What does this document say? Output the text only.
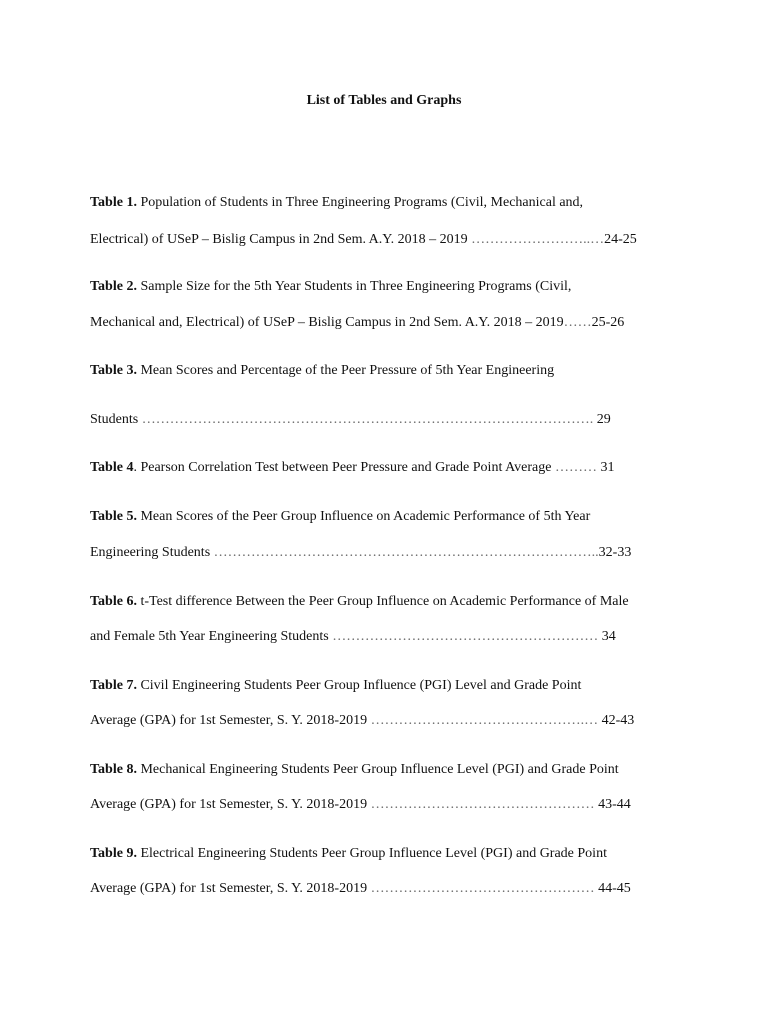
List of Tables and Graphs
Table 1. Population of Students in Three Engineering Programs (Civil, Mechanical and,
Electrical) of USeP – Bislig Campus in 2nd Sem. A.Y. 2018 – 2019 ……………………..…24-25
Table 2. Sample Size for the 5th Year Students in Three Engineering Programs (Civil,
Mechanical and, Electrical) of USeP – Bislig Campus in 2nd Sem. A.Y. 2018 – 2019……25-26
Table 3. Mean Scores and Percentage of the Peer Pressure of 5th Year Engineering
Students ……………………………………………………………………………………. 29
Table 4. Pearson Correlation Test between Peer Pressure and Grade Point Average ……… 31
Table 5. Mean Scores of the Peer Group Influence on Academic Performance of 5th Year
Engineering Students ………………………………………………………………………..32-33
Table 6. t-Test difference Between the Peer Group Influence on Academic Performance of Male
and Female 5th Year Engineering Students ………………………………………………… 34
Table 7. Civil Engineering Students Peer Group Influence (PGI) Level and Grade Point
Average (GPA) for 1st Semester, S. Y. 2018-2019 ……………………………………….… 42-43
Table 8. Mechanical Engineering Students Peer Group Influence Level (PGI) and Grade Point
Average (GPA) for 1st Semester, S. Y. 2018-2019 ………………………………………… 43-44
Table 9. Electrical Engineering Students Peer Group Influence Level (PGI) and Grade Point
Average (GPA) for 1st Semester, S. Y. 2018-2019 ………………………………………… 44-45
